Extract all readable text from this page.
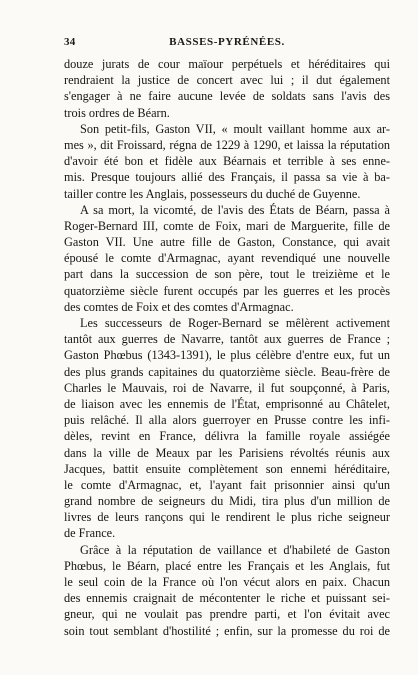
34	BASSES-PYRÉNÉES.
douze jurats de cour maïour perpétuels et héréditaires qui
rendraient la justice de concert avec lui ; il dut également
s'engager à ne faire aucune levée de soldats sans l'avis des
trois ordres de Béarn.
Son petit-fils, Gaston VII, « moult vaillant homme aux ar-
mes », dit Froissard, régna de 1229 à 1290, et laissa la réputation
d'avoir été bon et fidèle aux Béarnais et terrible à ses enne-
mis. Presque toujours allié des Français, il passa sa vie à ba-
tailler contre les Anglais, possesseurs du duché de Guyenne.
A sa mort, la vicomté, de l'avis des États de Béarn, passa à
Roger-Bernard III, comte de Foix, mari de Marguerite, fille de
Gaston VII. Une autre fille de Gaston, Constance, qui avait
épousé le comte d'Armagnac, ayant revendiqué une nouvelle
part dans la succession de son père, tout le treizième et le
quatorzième siècle furent occupés par les guerres et les procès
des comtes de Foix et des comtes d'Armagnac.
Les successeurs de Roger-Bernard se mêlèrent activement
tantôt aux guerres de Navarre, tantôt aux guerres de France ;
Gaston Phœbus (1343-1391), le plus célèbre d'entre eux, fut un
des plus grands capitaines du quatorzième siècle. Beau-frère de
Charles le Mauvais, roi de Navarre, il fut soupçonné, à Paris,
de liaison avec les ennemis de l'État, emprisonné au Châtelet,
puis relâché. Il alla alors guerroyer en Prusse contre les infi-
dèles, revint en France, délivra la famille royale assiégée
dans la ville de Meaux par les Parisiens révoltés réunis aux
Jacques, battit ensuite complètement son ennemi héréditaire,
le comte d'Armagnac, et, l'ayant fait prisonnier ainsi qu'un
grand nombre de seigneurs du Midi, tira plus d'un million de
livres de leurs rançons qui le rendirent le plus riche seigneur
de France.
Grâce à la réputation de vaillance et d'habileté de Gaston
Phœbus, le Béarn, placé entre les Français et les Anglais, fut
le seul coin de la France où l'on vécut alors en paix. Chacun
des ennemis craignait de mécontenter le riche et puissant sei-
gneur, qui ne voulait pas prendre parti, et l'on évitait avec
soin tout semblant d'hostilité ; enfin, sur la promesse du roi de
